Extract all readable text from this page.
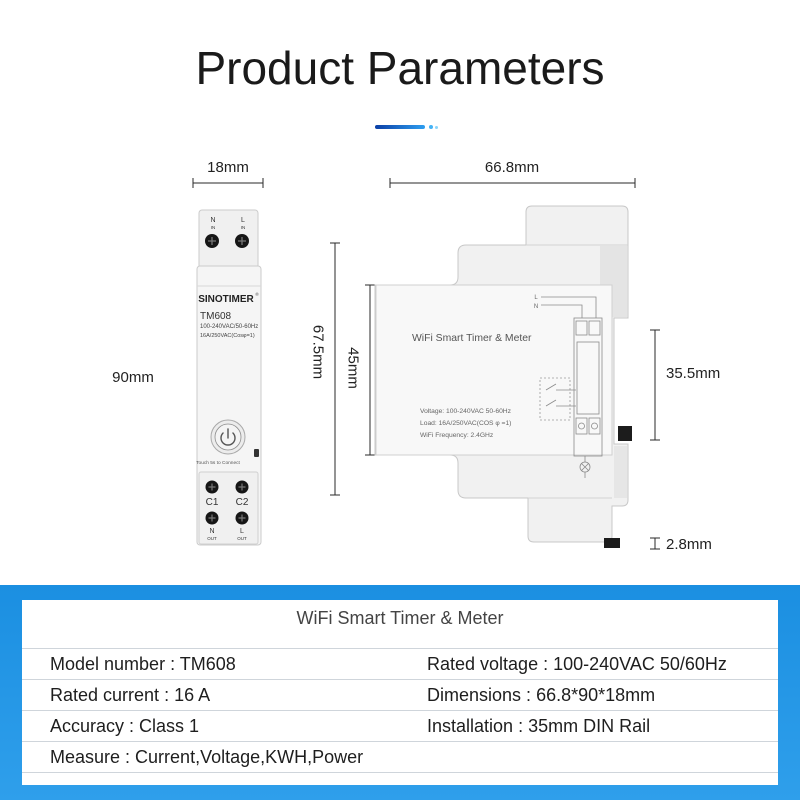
18mm
90mm
66.8mm
67.5mm 45mm	35.5mm
2.8mm
N	L
IN	IN
SINOTIMER ®
TM608
100-240VAC/50-60Hz
16A/250VAC(Cosφ=1)
Touch 5s to Connect
C1 C2
N	L
OUT	OUT
WiFi Smart Timer & Meter
Voltage: 100-240VAC 50-60Hz
Load: 16A/250VAC(COS φ =1)
WiFi Frequency: 2.4GHz
L
N
Product Parameters
WiFi Smart Timer & Meter
Model number : TM608	Rated voltage : 100-240VAC 50/60Hz
Rated current : 16 A	Dimensions : 66.8*90*18mm
Accuracy : Class 1	Installation : 35mm DIN Rail
Measure : Current,Voltage,KWH,Power
